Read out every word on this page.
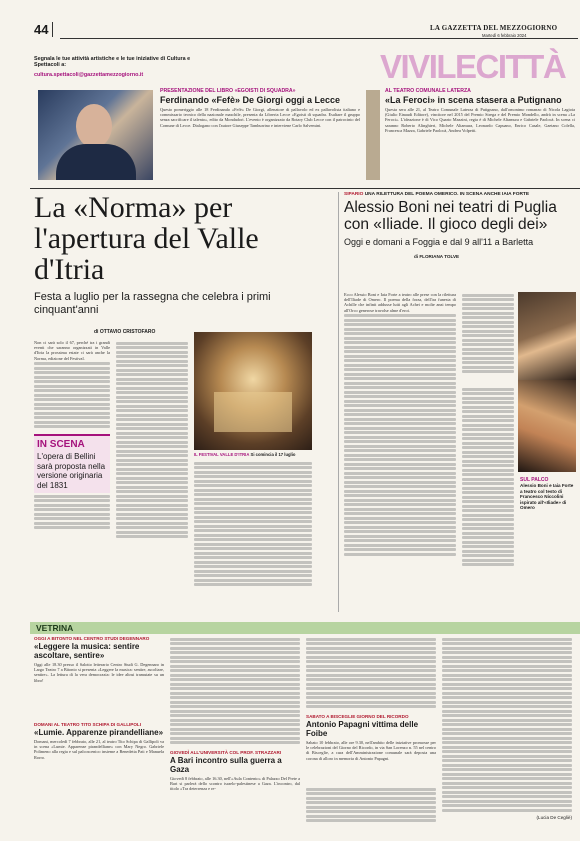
44	LA GAZZETTA DEL MEZZOGIORNO
Martedì 6 febbraio 2024
Segnala le tue attività artistiche e le tue iniziative di Cultura e Spettacoli a:
cultura.spettacoli@gazzettamezzogiorno.it	VIVILECITTÀ
PRESENTAZIONE DEL LIBRO «EGOISTI DI SQUADRA»
Ferdinando «Fefè» De Giorgi oggi a Lecce
Questo pomeriggio alle 18 Ferdinando «Fefè» De Giorgi, allenatore di pallavolo ed ex pallavolista italiano e commissario tecnico della nazionale maschile, presenta da Libreria Lecce «Egoisti di squadra. Esaltare il gruppo senza sacrificare il talento», edito da Mondadori. L'evento è organizzato da Rotary Club Lecce con il patrocinio del Comune di Lecce. Dialogano con l'autore Giuseppe Tamburrino e interviene Carlo Salvemini.
AL TEATRO COMUNALE LATERZA
«La Feroci» in scena stasera a Putignano
Questa sera alle 21, al Teatro Comunale Laterza di Putignano, dall'omonimo romanzo di Nicola Lagioia (Giulio Einaudi Editore), vincitore nel 2015 del Premio Strega e del Premio Mondello, andrà in scena «La Feroci». L'ideazione è di Vico Quarto Mazzini, regia è di Michele Altamura e Gabriele Paolocà. In scena ci saranno Roberto Alinghieri, Michele Altamura, Leonardo Capuano, Enrico Casale, Gaetano Colella, Francesca Mazza, Gabriele Paolocà, Andrea Volpetti.
La «Norma» per l'apertura del Valle d'Itria
Festa a luglio per la rassegna che celebra i primi cinquant'anni
di OTTAVIO CRISTOFARO
Non ci sarà solo il 67, perché tra i grandi eventi che saranno organizzati in Valle d'Itria la prossima estate ci sarà anche la Norma, edizione del Festival.
IN SCENA
L'opera di Bellini sarà proposta nella versione originaria del 1831
IL FESTIVAL VALLE D'ITRIA Si comincia il 17 luglio
SIPARIO UNA RILETTURA DEL POEMA OMERICO. IN SCENA ANCHE IAIA FORTE
Alessio Boni nei teatri di Puglia con «Iliade. Il gioco degli dei»
Oggi e domani a Foggia e dal 9 all'11 a Barletta
di FLORIANA TOLVE
Ecco Alessio Boni e Iaia Forte a teatro alle prese con la rilettura dell'Iliade di Omero. Il poema della forza, dell'ira funesta di Achille che infinit addusse lutti agli Achei e molte anzi tempo all'Orco generose travolse alme d'eroi.
SUL PALCO
Alessio Boni e Iaia Forte a teatro col testo di Francesco Niccolini ispirato all'«Iliade» di Omero
VETRINA
OGGI A BITONTO NEL CENTRO STUDI DEGENNARO
«Leggere la musica: sentire ascoltare, sentire»
Oggi alle 18.30 presso il Salotto letterario Centro Studi G. Degennaro in Largo Teatro 7 a Bitonto si presenta «Leggere la musica: sentire, ascoltare, sentire». La lettura di la vera democrazia: le idee altrui tramutate su un libro!
DOMANI AL TEATRO TITO SCHIPA DI GALLIPOLI
«Lumie. Apparenze pirandelliane»
Domani, mercoledì 7 febbraio, alle 21, al teatro Tito Schipa di Gallipoli va in scena «Lumie. Apparenze pirandelliane» con Mary Negro. Gabriele Polimeno alla regia e sul palcoscenico insieme a Benedetta Pati e Manuela Rorro.
GIOVEDÌ ALL'UNIVERSITÀ COL PROF. STRAZZARI
A Bari incontro sulla guerra a Gaza
Giovedì 8 febbraio, alle 16.30, nell'«Aula Contento» di Palazzo Del Prete a Bari si parlerà dello scontro israelo-palestinese a Gaza. L'incontro, dal titolo «Tra deterrenza e re-
SABATO A BISCEGLIE GIORNO DEL RICORDO
Antonio Papagni vittima delle Foibe
Sabato 10 febbraio, alle ore 9.30, nell'ambito delle iniziative promosse per le celebrazioni del Giorno del Ricordo, in via San Lorenzo n. 55 nel centro di Bisceglie, a cura dell'Amministrazione comunale sarà deposta una corona di alloro in memoria di Antonio Papagni.
(Lucia De Cegliè)
